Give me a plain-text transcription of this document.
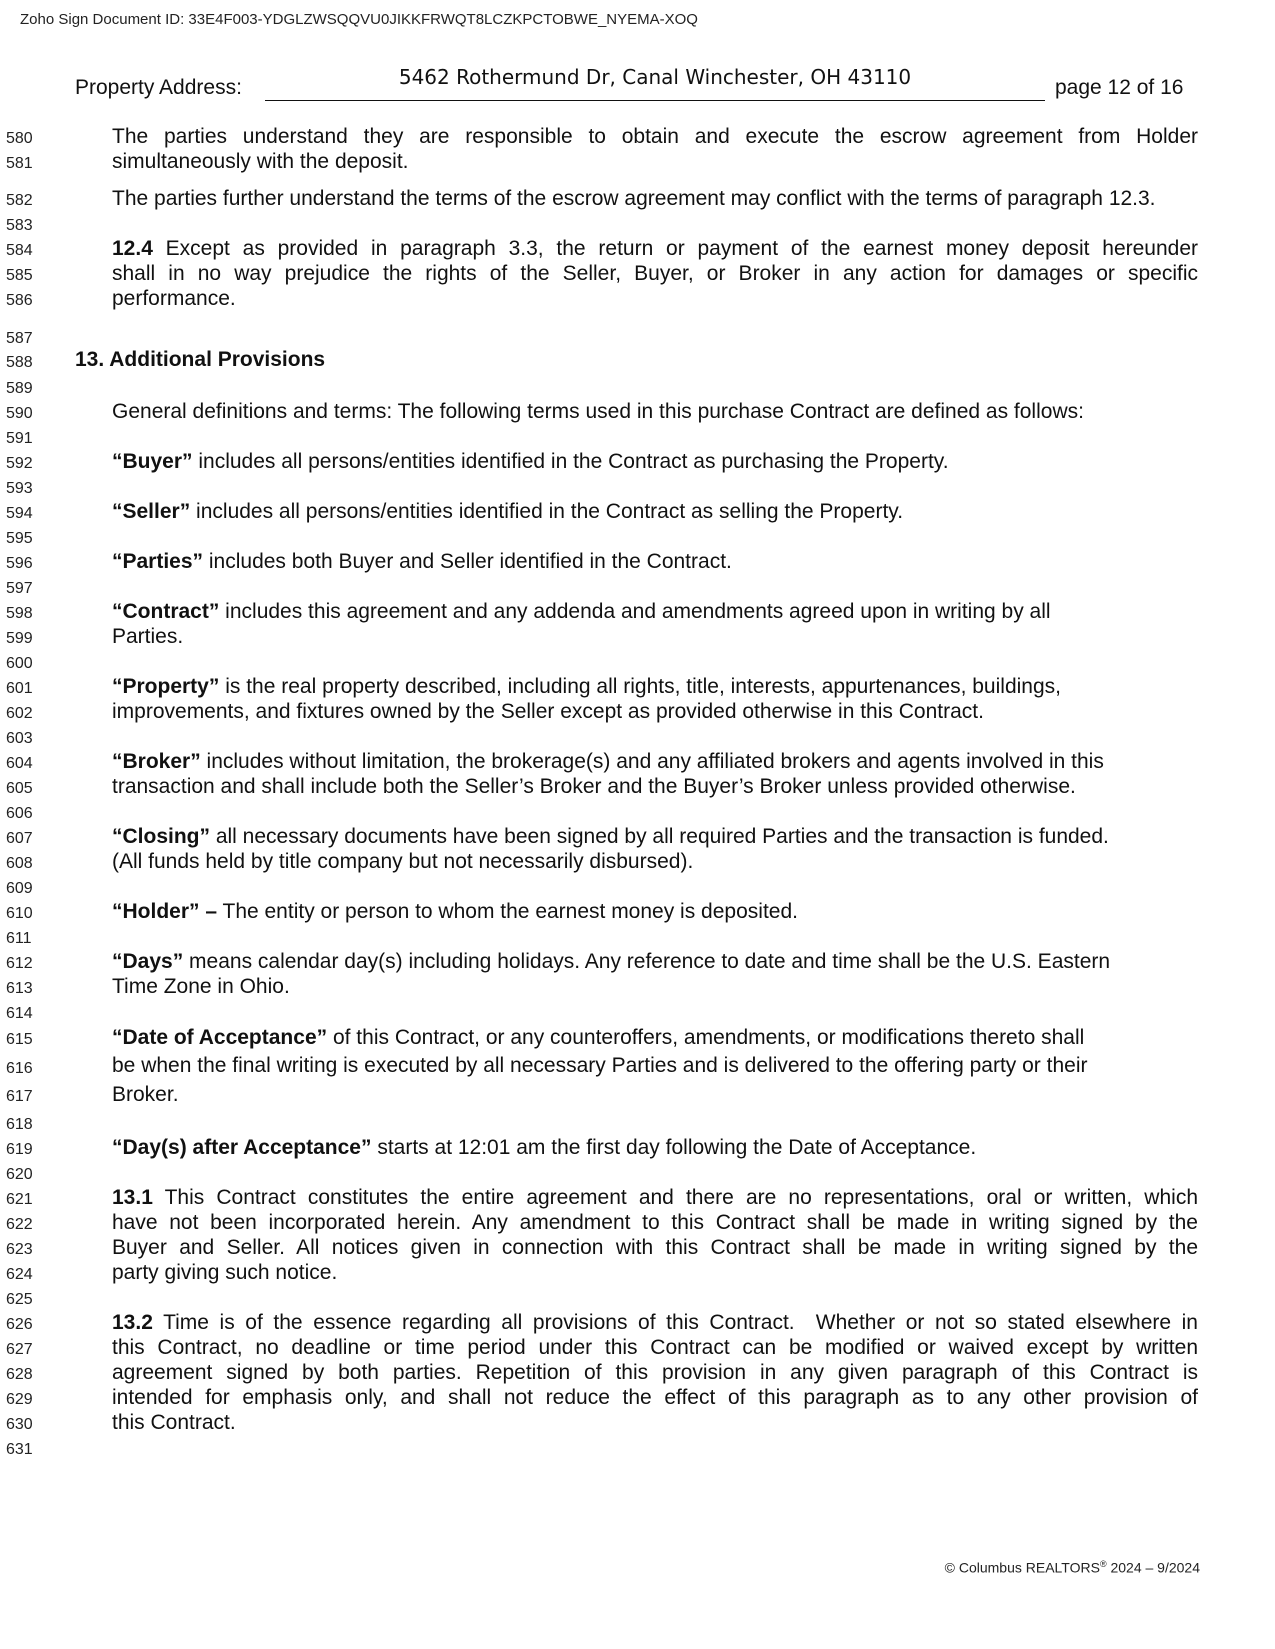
Zoho Sign Document ID: 33E4F003-YDGLZWSQQVU0JIKKFRWQT8LCZKPCTOBWE_NYEMA-XOQ
Property Address:	5462 Rothermund Dr, Canal Winchester, OH 43110	page 12 of 16
580
581
582
583
584
585
586
587
588
589
590
591
592
593
594
595
596
597
598
599
600
601
602
603
604
605
606
607
608
609
610
611
612
613
614
615
616
617
618
619
620
621
622
623
624
625
626
627
628
629
630
631
The parties understand they are responsible to obtain and execute the escrow agreement from Holder
simultaneously with the deposit.
The parties further understand the terms of the escrow agreement may conflict with the terms of paragraph 12.3.
12.4 Except as provided in paragraph 3.3, the return or payment of the earnest money deposit hereunder
shall in no way prejudice the rights of the Seller, Buyer, or Broker in any action for damages or specific
performance.
13. Additional Provisions
General definitions and terms: The following terms used in this purchase Contract are defined as follows:
“Buyer” includes all persons/entities identified in the Contract as purchasing the Property.
“Seller” includes all persons/entities identified in the Contract as selling the Property.
“Parties” includes both Buyer and Seller identified in the Contract.
“Contract” includes this agreement and any addenda and amendments agreed upon in writing by all
Parties.
“Property” is the real property described, including all rights, title, interests, appurtenances, buildings,
improvements, and fixtures owned by the Seller except as provided otherwise in this Contract.
“Broker” includes without limitation, the brokerage(s) and any affiliated brokers and agents involved in this
transaction and shall include both the Seller’s Broker and the Buyer’s Broker unless provided otherwise.
“Closing” all necessary documents have been signed by all required Parties and the transaction is funded.
(All funds held by title company but not necessarily disbursed).
“Holder” – The entity or person to whom the earnest money is deposited.
“Days” means calendar day(s) including holidays. Any reference to date and time shall be the U.S. Eastern
Time Zone in Ohio.
“Date of Acceptance” of this Contract, or any counteroffers, amendments, or modifications thereto shall
be when the final writing is executed by all necessary Parties and is delivered to the offering party or their
Broker.
“Day(s) after Acceptance” starts at 12:01 am the first day following the Date of Acceptance.
13.1 This Contract constitutes the entire agreement and there are no representations, oral or written, which
have not been incorporated herein. Any amendment to this Contract shall be made in writing signed by the
Buyer and Seller. All notices given in connection with this Contract shall be made in writing signed by the
party giving such notice.
13.2 Time is of the essence regarding all provisions of this Contract.  Whether or not so stated elsewhere in
this Contract, no deadline or time period under this Contract can be modified or waived except by written
agreement signed by both parties. Repetition of this provision in any given paragraph of this Contract is
intended for emphasis only, and shall not reduce the effect of this paragraph as to any other provision of
this Contract.
© Columbus REALTORS® 2024 – 9/2024
